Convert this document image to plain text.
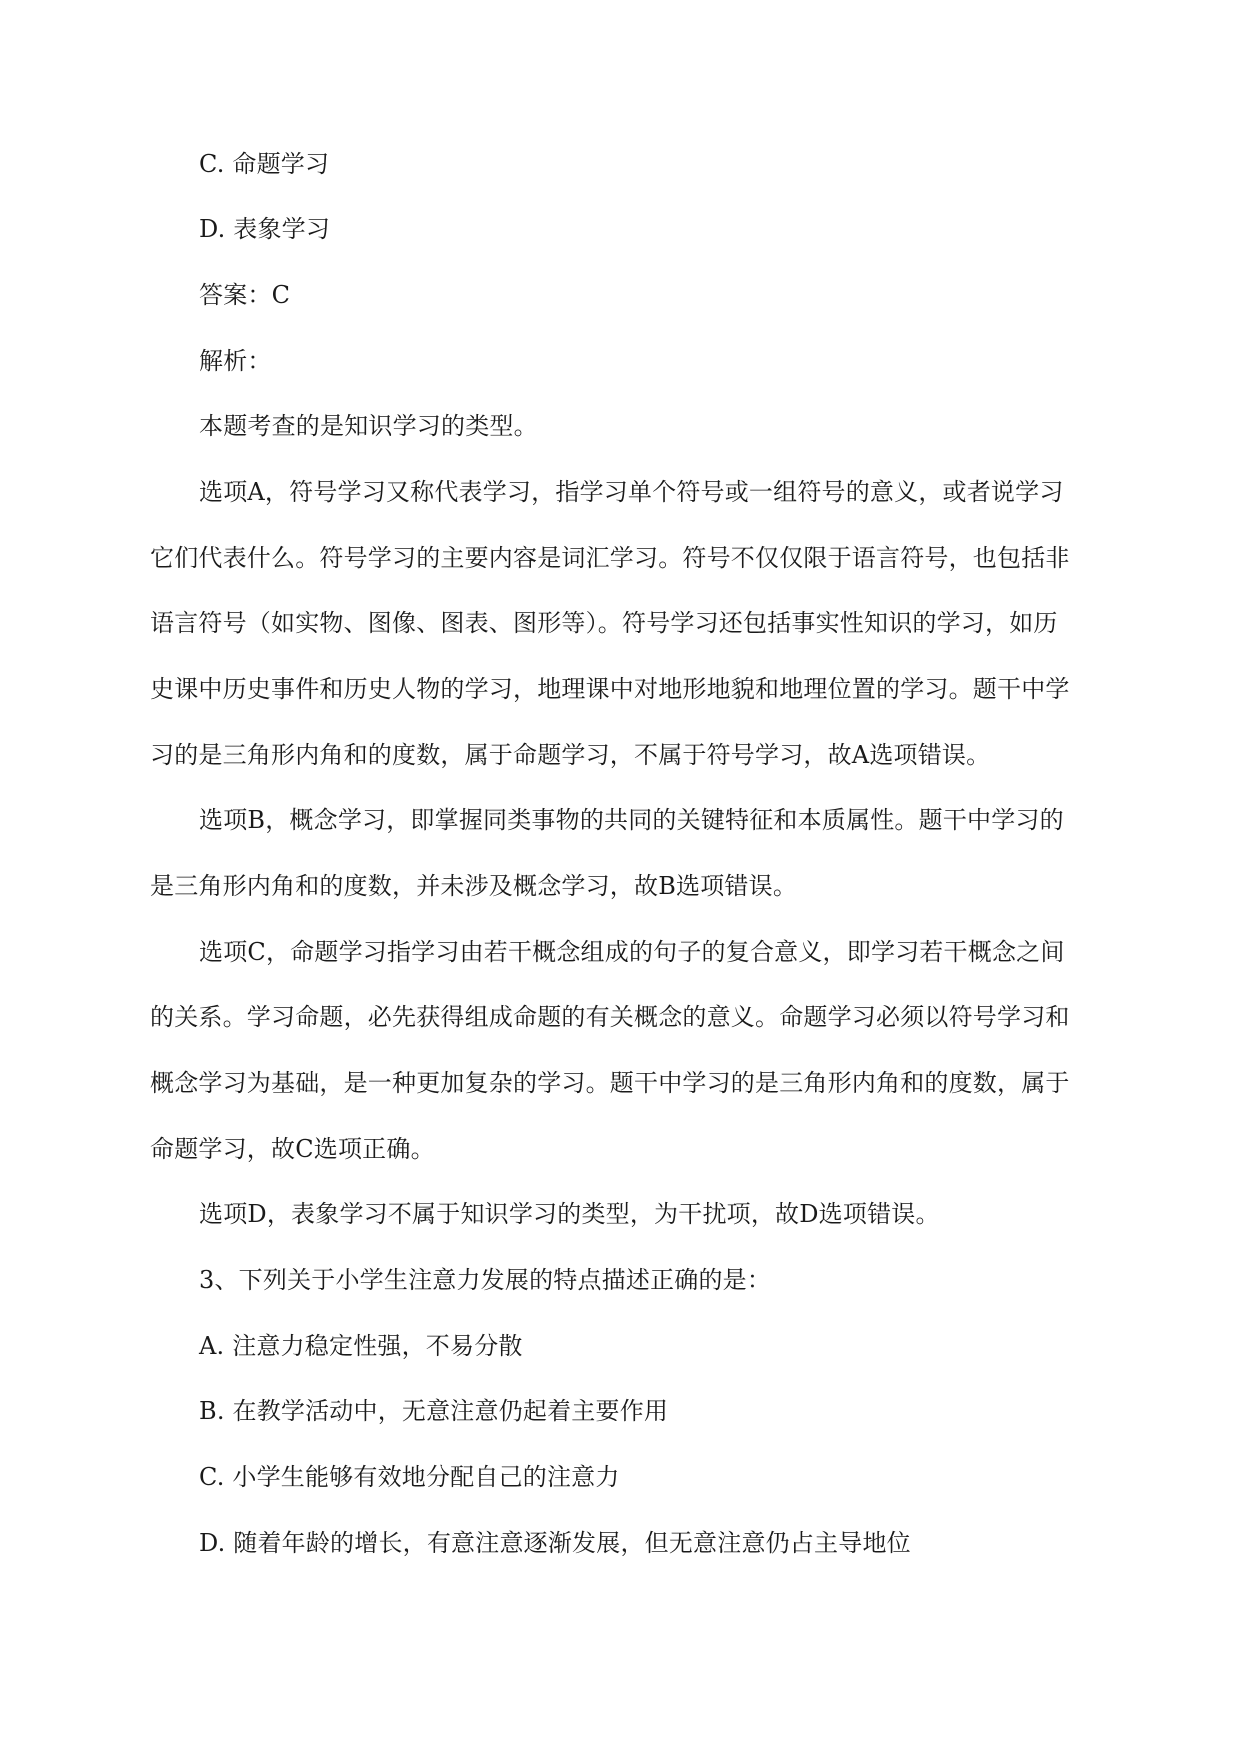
C. 命题学习
D. 表象学习
答案：C
解析：
本题考查的是知识学习的类型。
选项A，符号学习又称代表学习，指学习单个符号或一组符号的意义，或者说学习
它们代表什么。符号学习的主要内容是词汇学习。符号不仅仅限于语言符号，也包括非
语言符号（如实物、图像、图表、图形等）。符号学习还包括事实性知识的学习，如历
史课中历史事件和历史人物的学习，地理课中对地形地貌和地理位置的学习。题干中学
习的是三角形内角和的度数，属于命题学习，不属于符号学习，故A选项错误。
选项B，概念学习，即掌握同类事物的共同的关键特征和本质属性。题干中学习的
是三角形内角和的度数，并未涉及概念学习，故B选项错误。
选项C，命题学习指学习由若干概念组成的句子的复合意义，即学习若干概念之间
的关系。学习命题，必先获得组成命题的有关概念的意义。命题学习必须以符号学习和
概念学习为基础，是一种更加复杂的学习。题干中学习的是三角形内角和的度数，属于
命题学习，故C选项正确。
选项D，表象学习不属于知识学习的类型，为干扰项，故D选项错误。
3、下列关于小学生注意力发展的特点描述正确的是：
A. 注意力稳定性强，不易分散
B. 在教学活动中，无意注意仍起着主要作用
C. 小学生能够有效地分配自己的注意力
D. 随着年龄的增长，有意注意逐渐发展，但无意注意仍占主导地位
